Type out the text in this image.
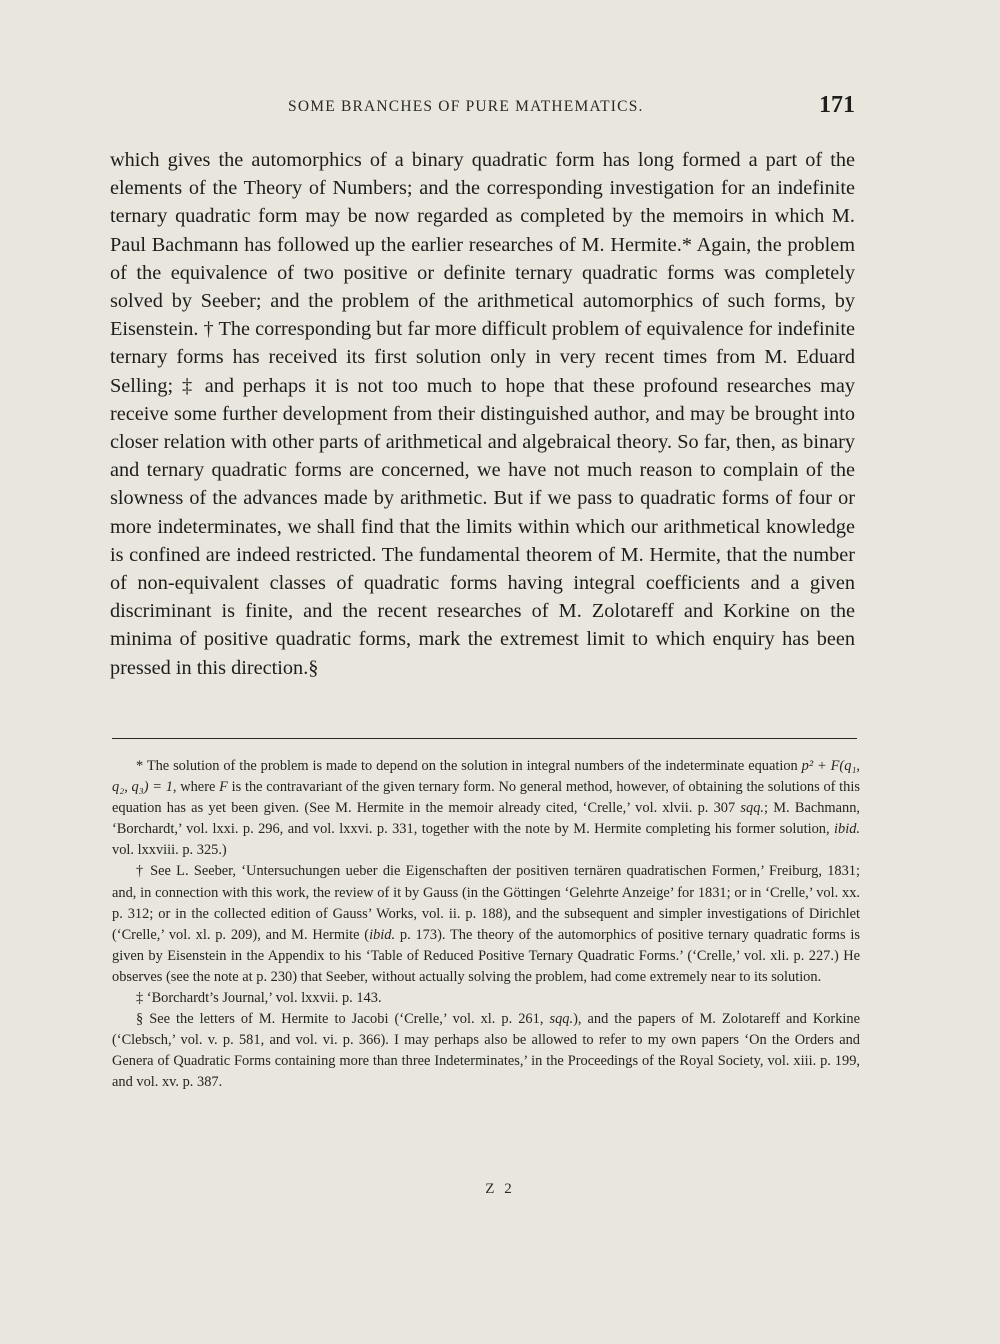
SOME BRANCHES OF PURE MATHEMATICS.	171

which gives the automorphics of a binary quadratic form has long formed a part of the elements of the Theory of Numbers; and the corresponding investigation for an indefinite ternary quadratic form may be now regarded as completed by the memoirs in which M. Paul Bachmann has followed up the earlier researches of M. Hermite.* Again, the problem of the equivalence of two positive or definite ternary quadratic forms was completely solved by Seeber; and the problem of the arithmetical automorphics of such forms, by Eisenstein. † The corresponding but far more difficult problem of equivalence for indefinite ternary forms has received its first solution only in very recent times from M. Eduard Selling; ‡ and perhaps it is not too much to hope that these profound researches may receive some further development from their distinguished author, and may be brought into closer relation with other parts of arithmetical and algebraical theory. So far, then, as binary and ternary quadratic forms are concerned, we have not much reason to complain of the slowness of the advances made by arithmetic. But if we pass to quadratic forms of four or more indeterminates, we shall find that the limits within which our arithmetical knowledge is confined are indeed restricted. The fundamental theorem of M. Hermite, that the number of non-equivalent classes of quadratic forms having integral coefficients and a given discriminant is finite, and the recent researches of M. Zolotareff and Korkine on the minima of positive quadratic forms, mark the extremest limit to which enquiry has been pressed in this direction.§

* The solution of the problem is made to depend on the solution in integral numbers of the indeterminate equation p² + F(q₁, q₂, q₃) = 1, where F is the contravariant of the given ternary form. No general method, however, of obtaining the solutions of this equation has as yet been given. (See M. Hermite in the memoir already cited, ‘Crelle,’ vol. xlvii. p. 307 sqq.; M. Bachmann, ‘Borchardt,’ vol. lxxi. p. 296, and vol. lxxvi. p. 331, together with the note by M. Hermite completing his former solution, ibid. vol. lxxviii. p. 325.)

† See L. Seeber, ‘Untersuchungen ueber die Eigenschaften der positiven ternären quadratischen Formen,’ Freiburg, 1831; and, in connection with this work, the review of it by Gauss (in the Göttingen ‘Gelehrte Anzeige’ for 1831; or in ‘Crelle,’ vol. xx. p. 312; or in the collected edition of Gauss’ Works, vol. ii. p. 188), and the subsequent and simpler investigations of Dirichlet (‘Crelle,’ vol. xl. p. 209), and M. Hermite (ibid. p. 173). The theory of the automorphics of positive ternary quadratic forms is given by Eisenstein in the Appendix to his ‘Table of Reduced Positive Ternary Quadratic Forms.’ (‘Crelle,’ vol. xli. p. 227.) He observes (see the note at p. 230) that Seeber, without actually solving the problem, had come extremely near to its solution.

‡ ‘Borchardt’s Journal,’ vol. lxxvii. p. 143.

§ See the letters of M. Hermite to Jacobi (‘Crelle,’ vol. xl. p. 261, sqq.), and the papers of M. Zolotareff and Korkine (‘Clebsch,’ vol. v. p. 581, and vol. vi. p. 366). I may perhaps also be allowed to refer to my own papers ‘On the Orders and Genera of Quadratic Forms containing more than three Indeterminates,’ in the Proceedings of the Royal Society, vol. xiii. p. 199, and vol. xv. p. 387.

Z 2
